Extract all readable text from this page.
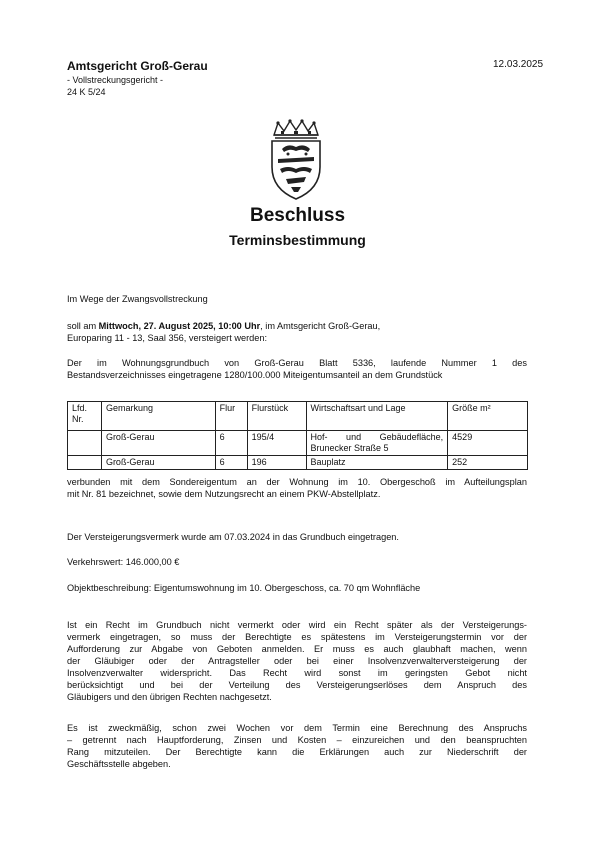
Amtsgericht Groß-Gerau
- Vollstreckungsgericht -
24 K 5/24
12.03.2025
Beschluss
Terminsbestimmung
Im Wege der Zwangsvollstreckung
soll am Mittwoch, 27. August 2025, 10:00 Uhr, im Amtsgericht Groß-Gerau,
Europaring 11 - 13, Saal 356, versteigert werden:
Der im Wohnungsgrundbuch von Groß-Gerau Blatt 5336, laufende Nummer 1 des
Bestandsverzeichnisses eingetragene 1280/100.000 Miteigentumsanteil an dem Grundstück
Lfd. Nr.	Gemarkung	Flur	Flurstück	Wirtschaftsart und Lage	Größe m²
	Groß-Gerau	6	195/4	Hof- und Gebäudefläche, Brunecker Straße 5	4529
	Groß-Gerau	6	196	Bauplatz	252
verbunden mit dem Sondereigentum an der Wohnung im 10. Obergeschoß im Aufteilungsplan
mit Nr. 81 bezeichnet, sowie dem Nutzungsrecht an einem PKW-Abstellplatz.
Der Versteigerungsvermerk wurde am 07.03.2024 in das Grundbuch eingetragen.
Verkehrswert: 146.000,00 €
Objektbeschreibung: Eigentumswohnung im 10. Obergeschoss, ca. 70 qm Wohnfläche
Ist ein Recht im Grundbuch nicht vermerkt oder wird ein Recht später als der Versteigerungs-
vermerk eingetragen, so muss der Berechtigte es spätestens im Versteigerungstermin vor der
Aufforderung zur Abgabe von Geboten anmelden. Er muss es auch glaubhaft machen, wenn
der Gläubiger oder der Antragsteller oder bei einer Insolvenzverwalterversteigerung der
Insolvenzverwalter widerspricht. Das Recht wird sonst im geringsten Gebot nicht
berücksichtigt und bei der Verteilung des Versteigerungserlöses dem Anspruch des
Gläubigers und den übrigen Rechten nachgesetzt.
Es ist zweckmäßig, schon zwei Wochen vor dem Termin eine Berechnung des Anspruchs
– getrennt nach Hauptforderung, Zinsen und Kosten – einzureichen und den beanspruchten
Rang mitzuteilen. Der Berechtigte kann die Erklärungen auch zur Niederschrift der
Geschäftsstelle abgeben.
